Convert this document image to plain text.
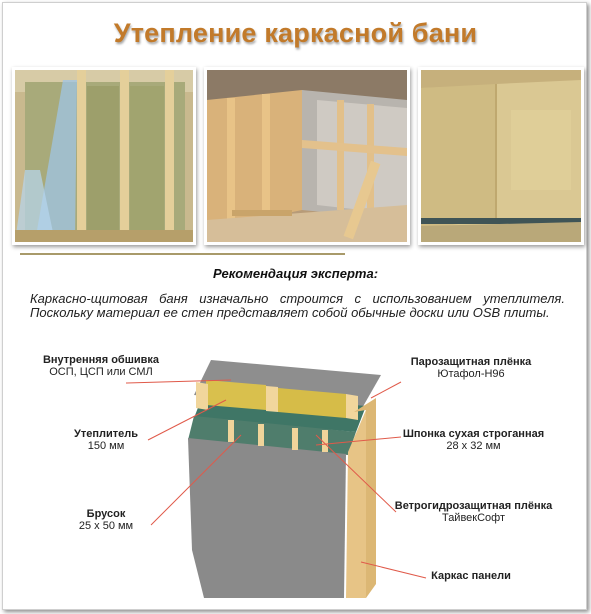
Утепление каркасной бани
Рекомендация эксперта:
Каркасно-щитовая баня изначально строится с использованием утеплителя. Поскольку материал ее стен представляет собой обычные доски или OSB плиты.
Внутренняя обшивка
ОСП, ЦСП или СМЛ
Утеплитель
150 мм
Брусок
25 х 50 мм
Парозащитная плёнка
Ютафол-Н96
Шпонка сухая строганная
28 х 32 мм
Ветрогидрозащитная плёнка
ТайвекСофт
Каркас панели
